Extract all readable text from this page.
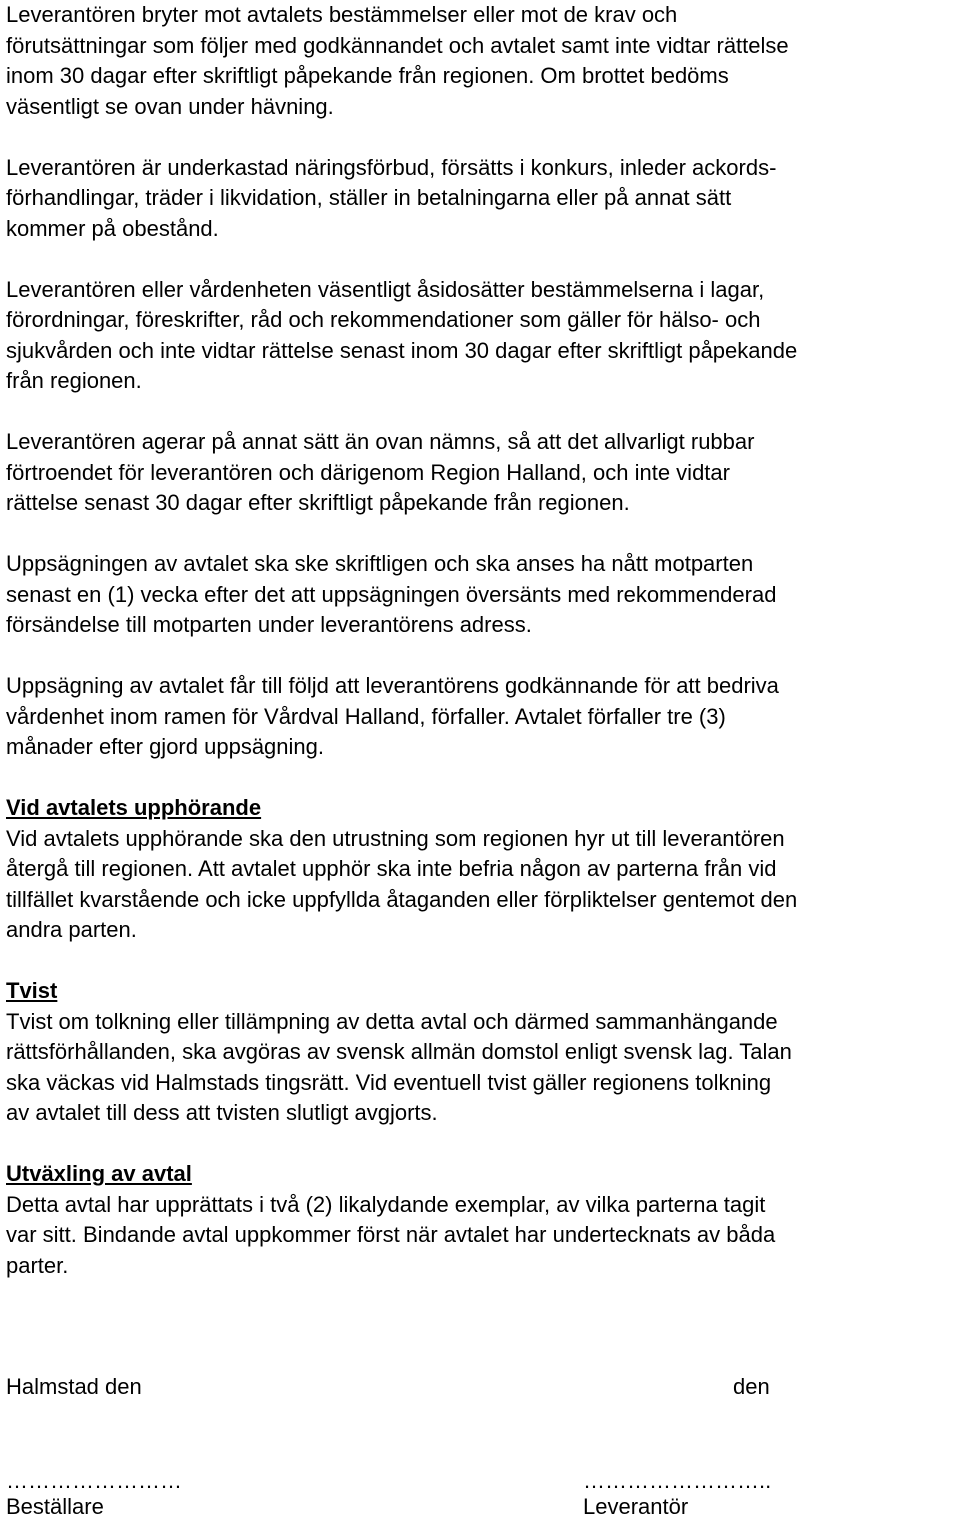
Leverantören bryter mot avtalets bestämmelser eller mot de krav och
förutsättningar som följer med godkännandet och avtalet samt inte vidtar rättelse
inom 30 dagar efter skriftligt påpekande från regionen. Om brottet bedöms
väsentligt se ovan under hävning.

Leverantören är underkastad näringsförbud, försätts i konkurs, inleder ackords-
förhandlingar, träder i likvidation, ställer in betalningarna eller på annat sätt
kommer på obestånd.

Leverantören eller vårdenheten väsentligt åsidosätter bestämmelserna i lagar,
förordningar, föreskrifter, råd och rekommendationer som gäller för hälso- och
sjukvården och inte vidtar rättelse senast inom 30 dagar efter skriftligt påpekande
från regionen.

Leverantören agerar på annat sätt än ovan nämns, så att det allvarligt rubbar
förtroendet för leverantören och därigenom Region Halland, och inte vidtar
rättelse senast 30 dagar efter skriftligt påpekande från regionen.

Uppsägningen av avtalet ska ske skriftligen och ska anses ha nått motparten
senast en (1) vecka efter det att uppsägningen översänts med rekommenderad
försändelse till motparten under leverantörens adress.

Uppsägning av avtalet får till följd att leverantörens godkännande för att bedriva
vårdenhet inom ramen för Vårdval Halland, förfaller. Avtalet förfaller tre (3)
månader efter gjord uppsägning.

Vid avtalets upphörande

Vid avtalets upphörande ska den utrustning som regionen hyr ut till leverantören
återgå till regionen. Att avtalet upphör ska inte befria någon av parterna från vid
tillfället kvarstående och icke uppfyllda åtaganden eller förpliktelser gentemot den
andra parten.

Tvist

Tvist om tolkning eller tillämpning av detta avtal och därmed sammanhängande
rättsförhållanden, ska avgöras av svensk allmän domstol enligt svensk lag. Talan
ska väckas vid Halmstads tingsrätt. Vid eventuell tvist gäller regionens tolkning
av avtalet till dess att tvisten slutligt avgjorts.

Utväxling av avtal

Detta avtal har upprättats i två (2) likalydande exemplar, av vilka parterna tagit
var sitt. Bindande avtal uppkommer först när avtalet har undertecknats av båda
parter.

Halmstad den	den
……………………	……………………..
Beställare	Leverantör
